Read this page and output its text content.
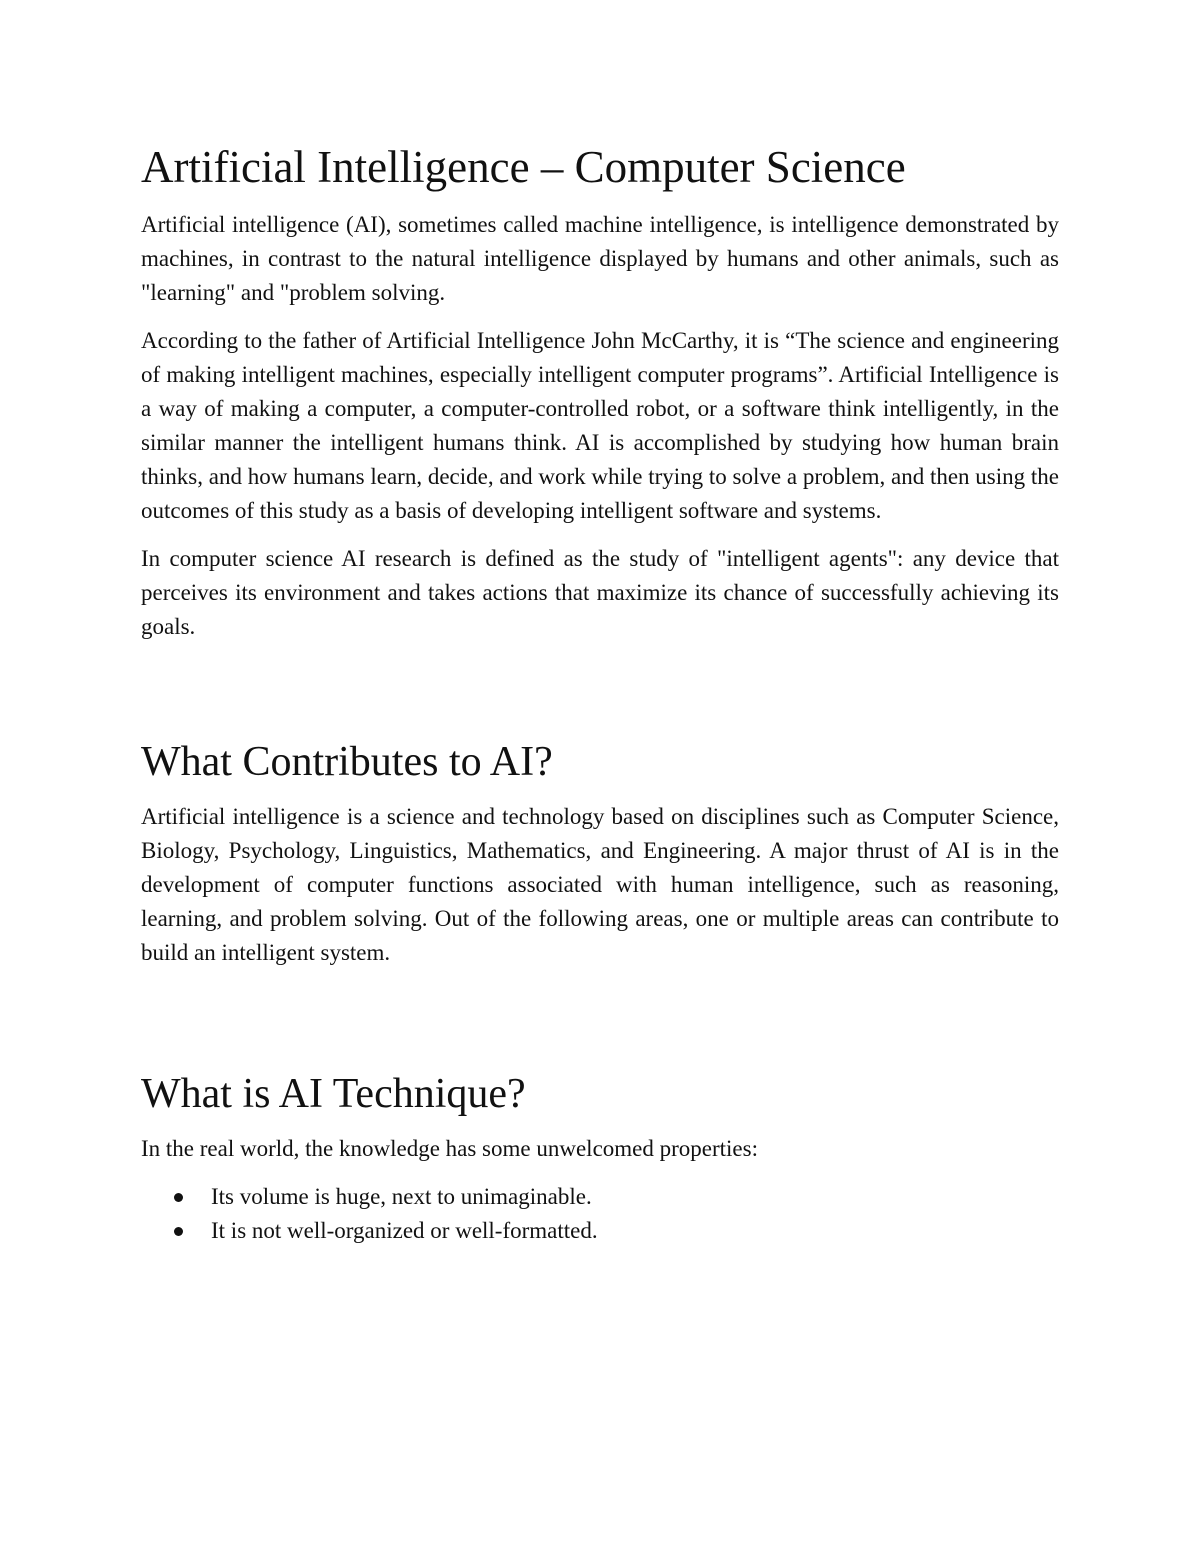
Artificial Intelligence – Computer Science

Artificial intelligence (AI), sometimes called machine intelligence, is intelligence demonstrated by machines, in contrast to the natural intelligence displayed by humans and other animals, such as "learning" and "problem solving.

According to the father of Artificial Intelligence John McCarthy, it is “The science and engineering of making intelligent machines, especially intelligent computer programs”. Artificial Intelligence is a way of making a computer, a computer-controlled robot, or a software think intelligently, in the similar manner the intelligent humans think. AI is accomplished by studying how human brain thinks, and how humans learn, decide, and work while trying to solve a problem, and then using the outcomes of this study as a basis of developing intelligent software and systems.

In computer science AI research is defined as the study of "intelligent agents": any device that perceives its environment and takes actions that maximize its chance of successfully achieving its goals.

What Contributes to AI?

Artificial intelligence is a science and technology based on disciplines such as Computer Science, Biology, Psychology, Linguistics, Mathematics, and Engineering. A major thrust of AI is in the development of computer functions associated with human intelligence, such as reasoning, learning, and problem solving. Out of the following areas, one or multiple areas can contribute to build an intelligent system.

What is AI Technique?

In the real world, the knowledge has some unwelcomed properties:

Its volume is huge, next to unimaginable.
It is not well-organized or well-formatted.
